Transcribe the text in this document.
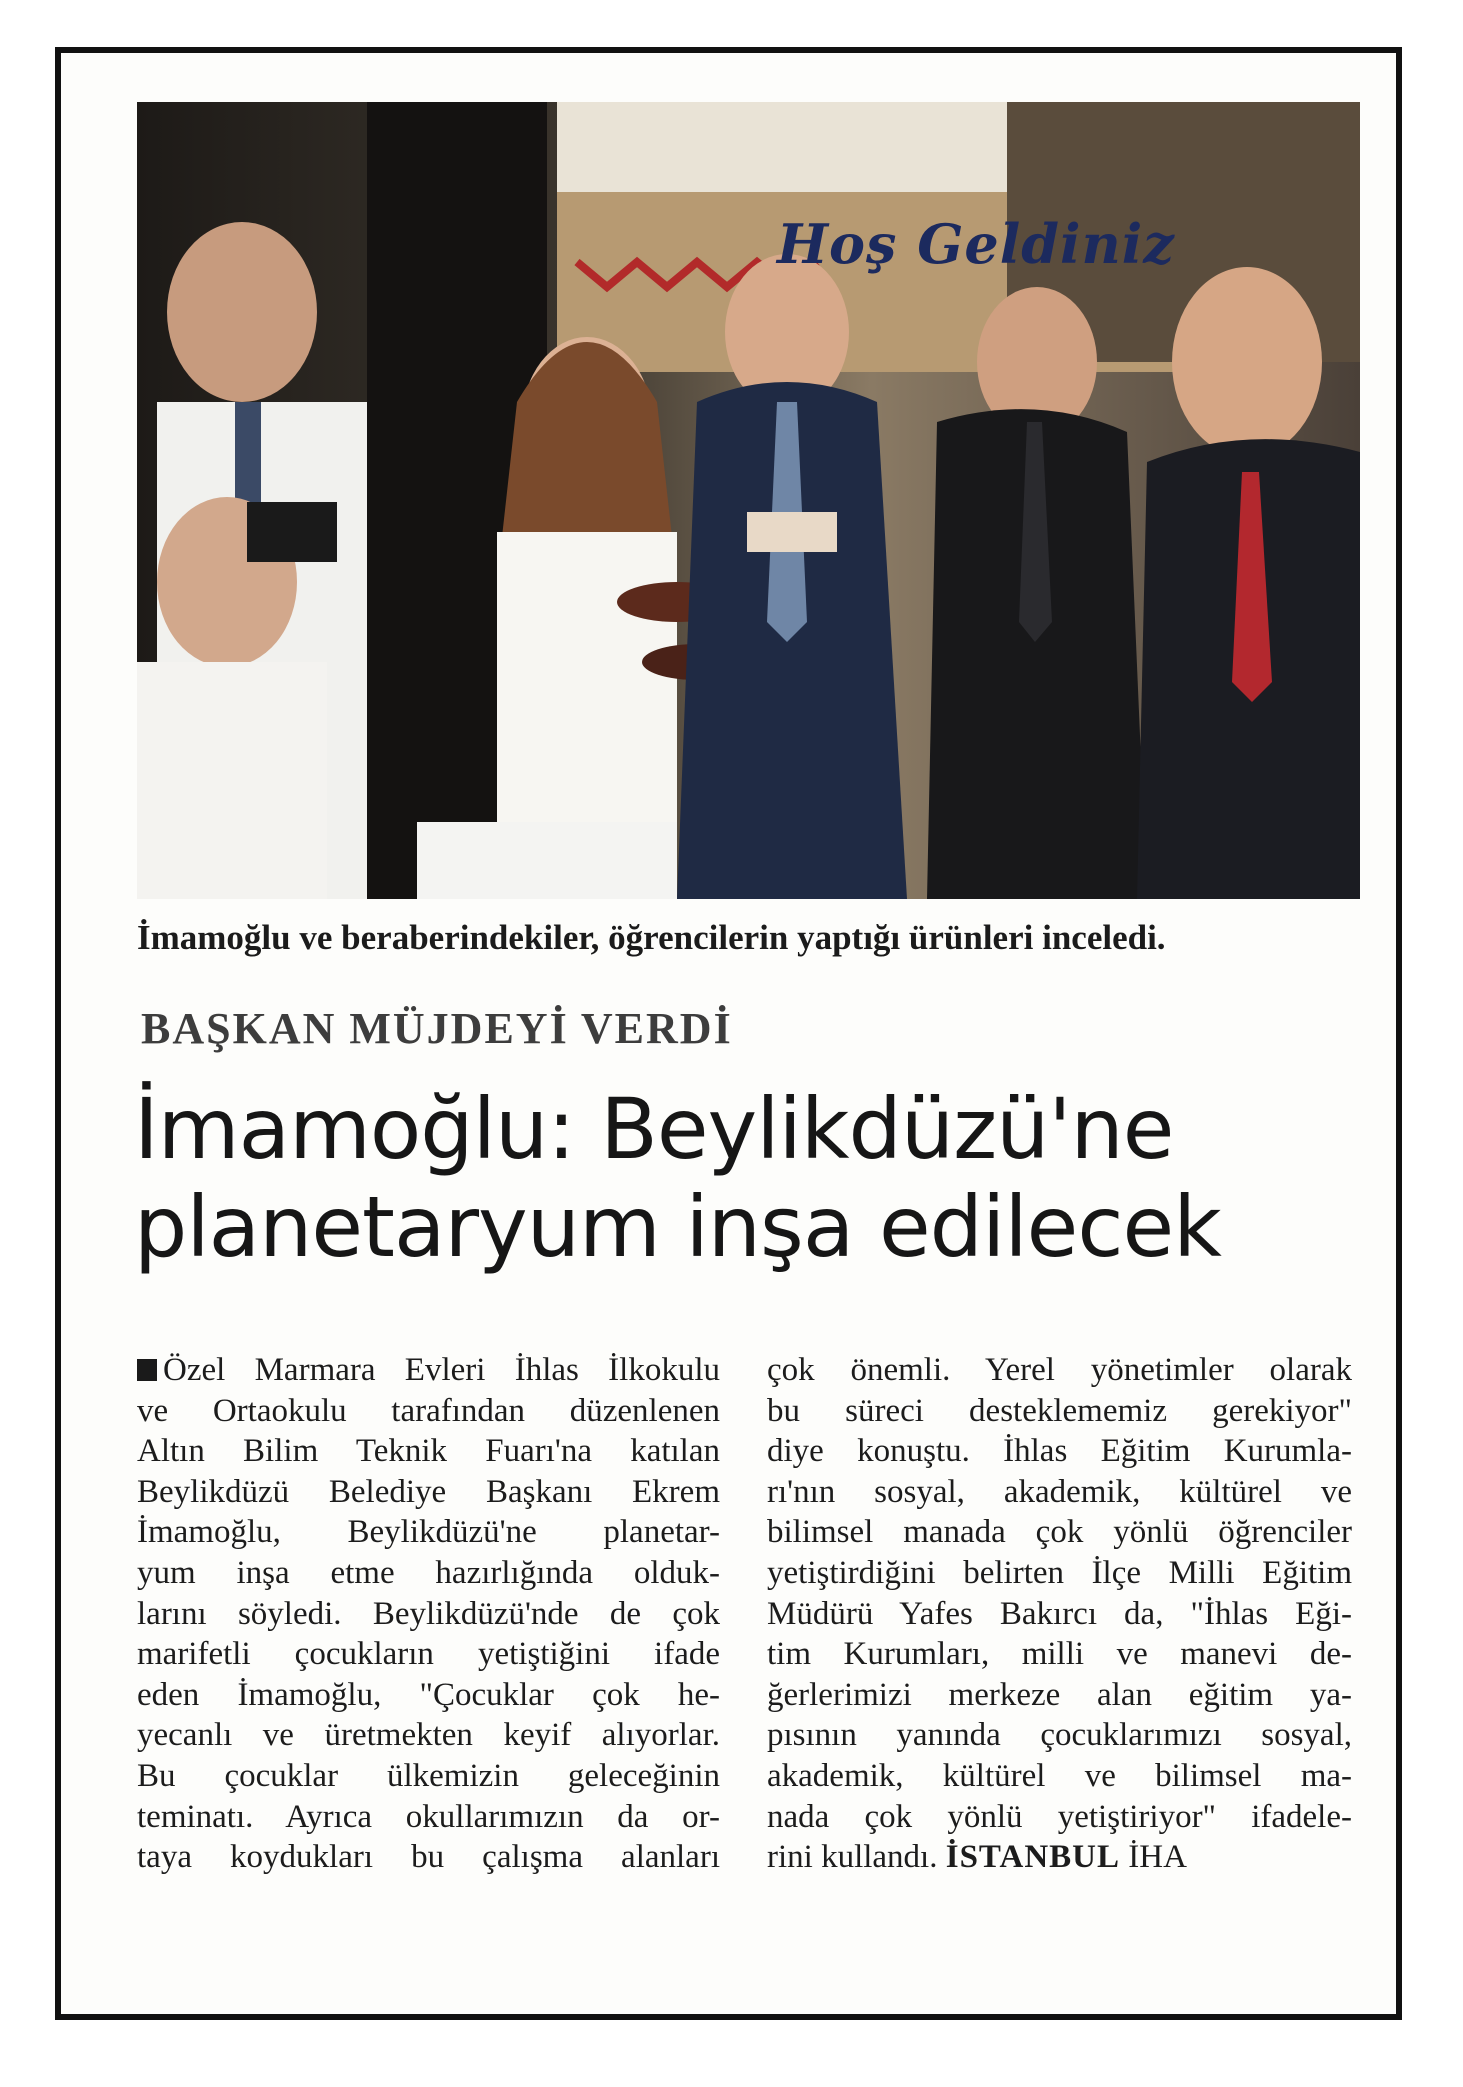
Hoş Geldiniz
İmamoğlu ve beraberindekiler, öğrencilerin yaptığı ürünleri inceledi.
BAŞKAN MÜJDEYİ VERDİ
İmamoğlu: Beylikdüzü'ne
planetaryum inşa edilecek
Özel Marmara Evleri İhlas İlkokulu
ve Ortaokulu tarafından düzenlenen
Altın Bilim Teknik Fuarı'na katılan
Beylikdüzü Belediye Başkanı Ekrem
İmamoğlu, Beylikdüzü'ne planetar-
yum inşa etme hazırlığında olduk-
larını söyledi. Beylikdüzü'nde de çok
marifetli çocukların yetiştiğini ifade
eden İmamoğlu, "Çocuklar çok he-
yecanlı ve üretmekten keyif alıyorlar.
Bu çocuklar ülkemizin geleceğinin
teminatı. Ayrıca okullarımızın da or-
taya koydukları bu çalışma alanları
çok önemli. Yerel yönetimler olarak
bu süreci desteklememiz gerekiyor"
diye konuştu. İhlas Eğitim Kurumla-
rı'nın sosyal, akademik, kültürel ve
bilimsel manada çok yönlü öğrenciler
yetiştirdiğini belirten İlçe Milli Eğitim
Müdürü Yafes Bakırcı da, "İhlas Eği-
tim Kurumları, milli ve manevi de-
ğerlerimizi merkeze alan eğitim ya-
pısının yanında çocuklarımızı sosyal,
akademik, kültürel ve bilimsel ma-
nada çok yönlü yetiştiriyor" ifadele-
rini kullandı. İSTANBUL İHA
